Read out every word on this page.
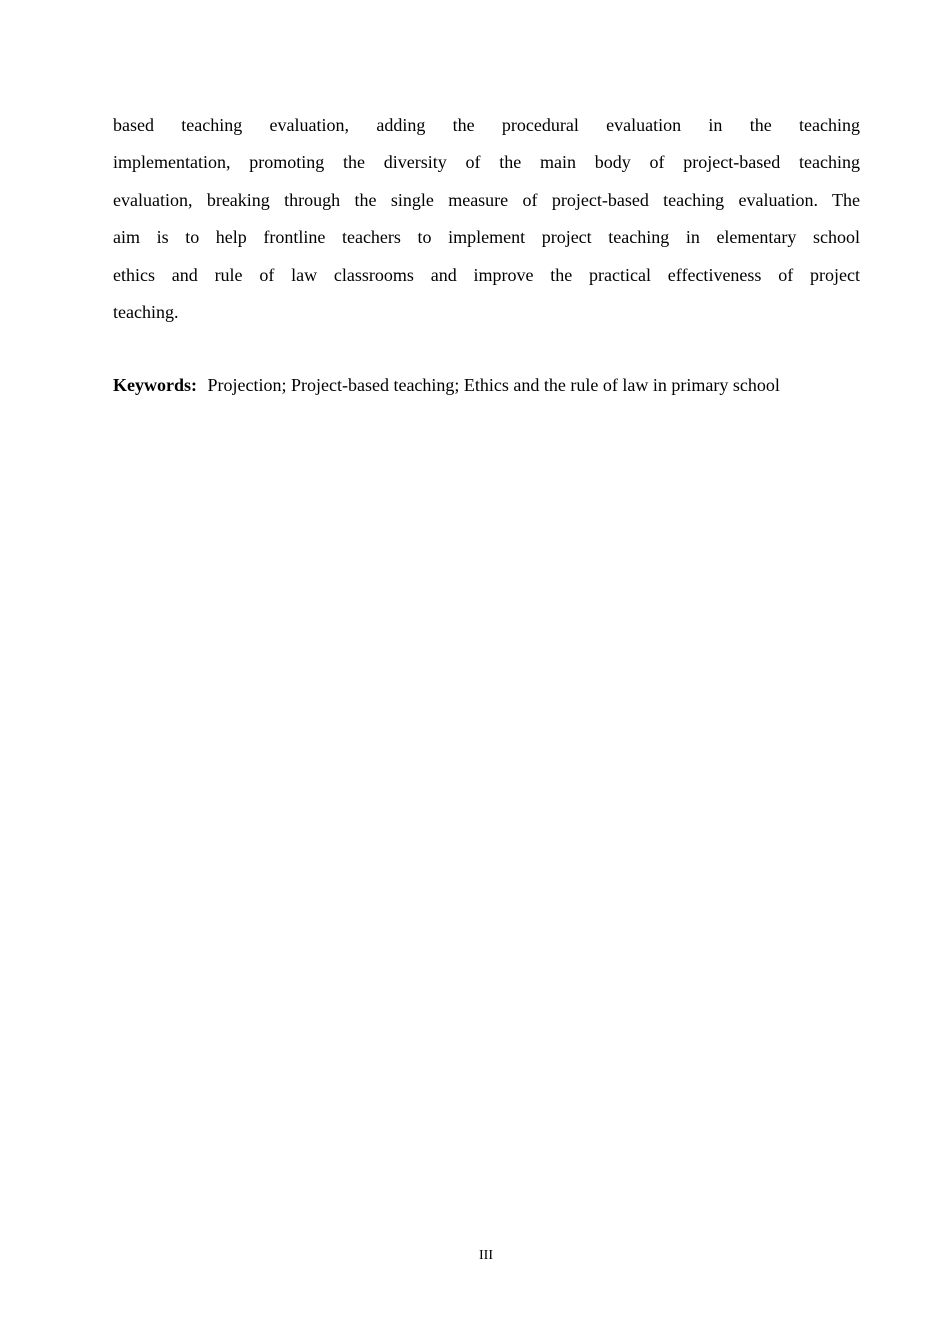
based teaching evaluation, adding the procedural evaluation in the teaching
implementation, promoting the diversity of the main body of project-based teaching
evaluation, breaking through the single measure of project-based teaching evaluation. The
aim is to help frontline teachers to implement project teaching in elementary school
ethics and rule of law classrooms and improve the practical effectiveness of project
teaching.

Keywords: Projection; Project-based teaching; Ethics and the rule of law in primary school

III
